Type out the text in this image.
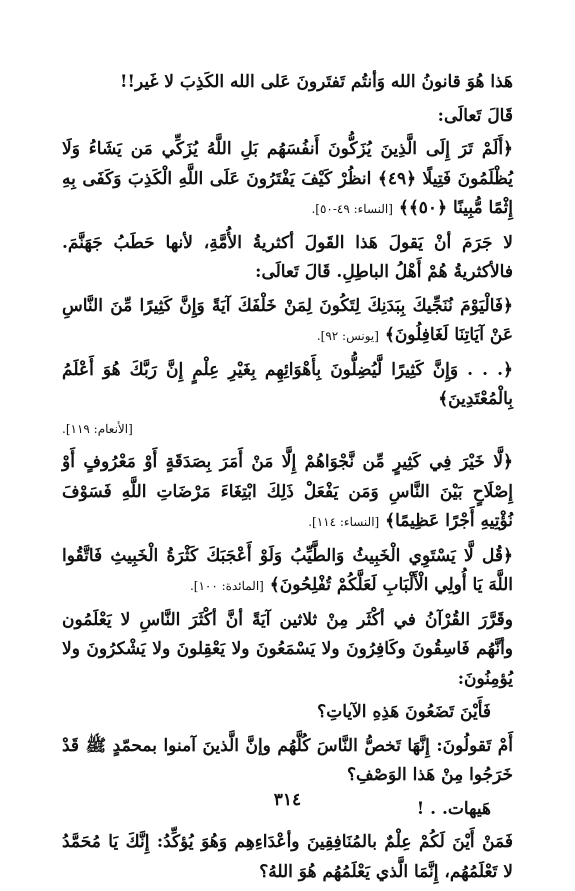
هَذا هُوَ قانونُ الله وَأنتُم تَفتَرونَ عَلى الله الكَذِبَ لا غَير!!

قَالَ تَعالَى:

﴿أَلَمْ تَرَ إِلَى الَّذِينَ يُزَكُّونَ أَنفُسَهُم بَلِ اللَّهُ يُزَكِّي مَن يَشَاءُ وَلَا يُظْلَمُونَ فَتِيلًا ﴿٤٩﴾ انظُرْ كَيْفَ يَفْتَرُونَ عَلَى اللَّهِ الْكَذِبَ وَكَفَى بِهِ إِثْمًا مُّبِينًا ﴿٥٠﴾﴾ [النساء: ٤٩-٥٠].

لا جَرَمَ أنْ يَقولَ هَذا القَولَ أكثريةُ الأُمَّةِ، لأنها حَطَبُ جَهَنَّمَ. فالأكثريةُ هُمْ أَهْلُ الباطِلِ. قَالَ تَعالَى:

﴿فَالْيَوْمَ نُنَجِّيكَ بِبَدَنِكَ لِتَكُونَ لِمَنْ خَلْفَكَ آيَةً وَإِنَّ كَثِيرًا مِّنَ النَّاسِ عَنْ آيَاتِنَا لَغَافِلُونَ﴾ [يونس: ٩٢].

﴿. . . وَإِنَّ كَثِيرًا لَّيُضِلُّونَ بِأَهْوَائِهِم بِغَيْرِ عِلْمٍ إِنَّ رَبَّكَ هُوَ أَعْلَمُ بِالْمُعْتَدِينَ﴾
[الأنعام: ١١٩].

﴿لَّا خَيْرَ فِي كَثِيرٍ مِّن نَّجْوَاهُمْ إِلَّا مَنْ أَمَرَ بِصَدَقَةٍ أَوْ مَعْرُوفٍ أَوْ إِصْلَاحٍ بَيْنَ النَّاسِ وَمَن يَفْعَلْ ذَلِكَ ابْتِغَاءَ مَرْضَاتِ اللَّهِ فَسَوْفَ نُؤْتِيهِ أَجْرًا عَظِيمًا﴾ [النساء: ١١٤].

﴿قُل لَّا يَسْتَوِي الْخَبِيثُ وَالطَّيِّبُ وَلَوْ أَعْجَبَكَ كَثْرَةُ الْخَبِيثِ فَاتَّقُوا اللَّهَ يَا أُولِي الْأَلْبَابِ لَعَلَّكُمْ تُفْلِحُونَ﴾ [المائدة: ١٠٠].

وقَرَّرَ القُرْآنُ في أكْثَر مِنْ ثلاثين آيَةً أنَّ أكْثَرَ النَّاسِ لا يَعْلَمُون وأنَّهُم فَاسِقُونَ وكَافِرُونَ ولا يَسْمَعُونَ ولا يَعْقِلونَ ولا يَشْكرُونَ ولا يُؤمِنُونَ:

فَأَيْنَ تَضَعُونَ هَذِهِ الآياتِ؟

أَمْ تَقولُونَ: إِنَّهَا تَخصُّ النَّاسَ كُلَّهُم وإنَّ الَّذينَ آمنوا بمحمّدٍ ﷺ قَدْ خَرَجُوا مِنْ هَذا الوَصْفِ؟

هَيهات. . !

فَمَنْ أَيْنَ لَكُمْ عِلْمٌ بالمُنَافِقِينَ وأعْدَاءِهِم وَهُوَ يُؤكِّدُ: إِنَّكَ يَا مُحَمَّدُ لا تَعْلَمُهُم، إِنَّمَا الَّذي يَعْلَمُهُم هُوَ اللهُ؟

٣١٤
